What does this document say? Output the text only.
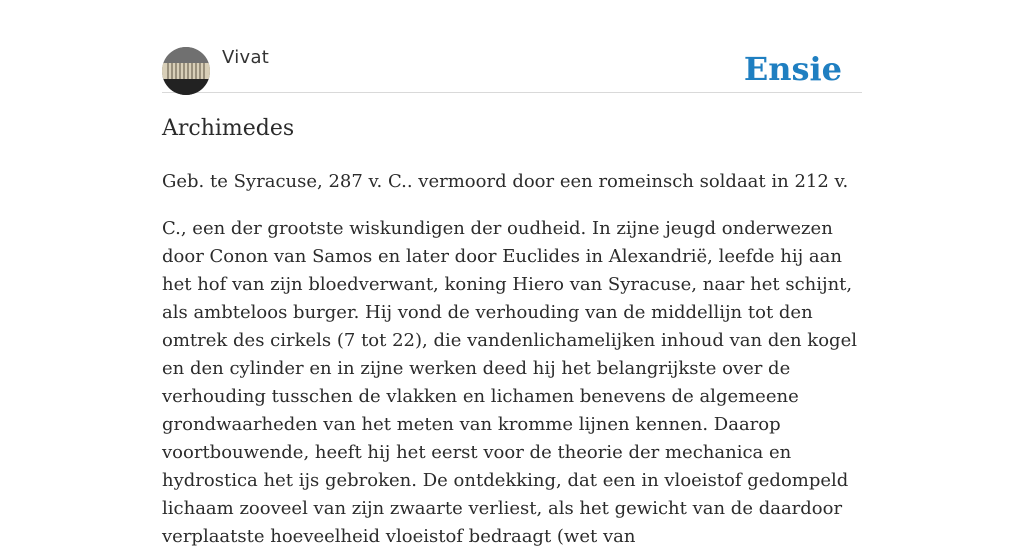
Vivat	Ensie
Archimedes

Geb. te Syracuse, 287 v. C.. vermoord door een romeinsch soldaat in 212 v.

C., een der grootste wiskundigen der oudheid. In zijne jeugd onderwezen door Conon van Samos en later door Euclides in Alexandrië, leefde hij aan het hof van zijn bloedverwant, koning Hiero van Syracuse, naar het schijnt, als ambteloos burger. Hij vond de verhouding van de middellijn tot den omtrek des cirkels (7 tot 22), die vandenlichamelijken inhoud van den kogel en den cylinder en in zijne werken deed hij het belangrijkste over de verhouding tusschen de vlakken en lichamen benevens de algemeene grondwaarheden van het meten van kromme lijnen kennen. Daarop voortbouwende, heeft hij het eerst voor de theorie der mechanica en hydrostica het ijs gebroken. De ontdekking, dat een in vloeistof gedompeld lichaam zooveel van zijn zwaarte verliest, als het gewicht van de daardoor verplaatste hoeveelheid vloeistof bedraagt (wet van
